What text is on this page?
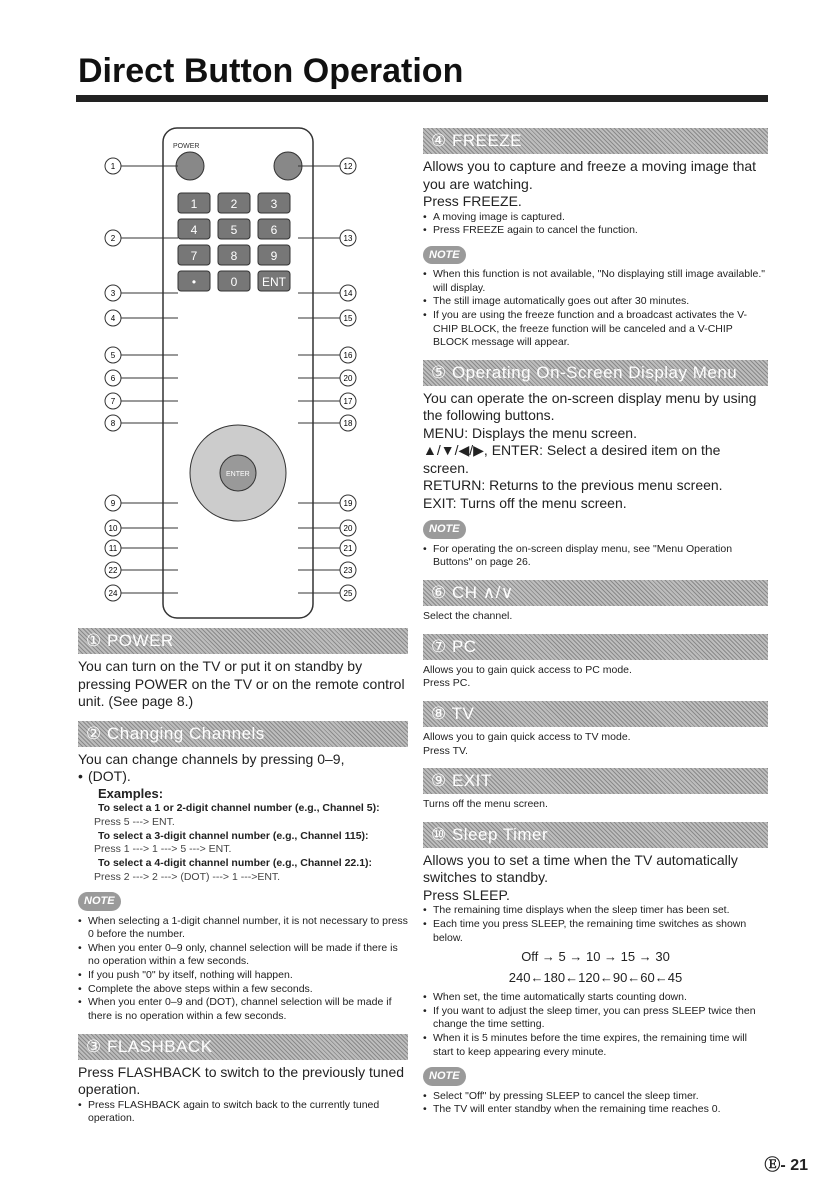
Direct Button Operation
POWER
1	2	3
4	5	6
7	8	9
•	0 ENT
ENTER
1
2
3
4
5
6
7
8
9
10
11
22
24
12
13
14
15
16
20
17
18
19
20
21
23
25
① POWER
You can turn on the TV or put it on standby by pressing POWER on the TV or on the remote control unit. (See page 8.)
② Changing Channels
You can change channels by pressing 0–9,
• (DOT).
Examples:
To select a 1 or 2-digit channel number (e.g., Channel 5):
Press 5 ---> ENT.
To select a 3-digit channel number (e.g., Channel 115):
Press 1 ---> 1 ---> 5 ---> ENT.
To select a 4-digit channel number (e.g., Channel 22.1):
Press 2 ---> 2 ---> (DOT) ---> 1 --->ENT.
NOTE
• When selecting a 1-digit channel number, it is not necessary to press 0 before the number.
• When you enter 0–9 only, channel selection will be made if there is no operation within a few seconds.
• If you push "0" by itself, nothing will happen.
• Complete the above steps within a few seconds.
• When you enter 0–9 and (DOT), channel selection will be made if there is no operation within a few seconds.
③ FLASHBACK
Press FLASHBACK to switch to the previously tuned operation.
• Press FLASHBACK again to switch back to the currently tuned operation.
④ FREEZE
Allows you to capture and freeze a moving image that you are watching.
Press FREEZE.
• A moving image is captured.
• Press FREEZE again to cancel the function.
NOTE
• When this function is not available, "No displaying still image available." will display.
• The still image automatically goes out after 30 minutes.
• If you are using the freeze function and a broadcast activates the V-CHIP BLOCK, the freeze function will be canceled and a V-CHIP BLOCK message will appear.
⑤ Operating On-Screen Display Menu
You can operate the on-screen display menu by using the following buttons.
MENU: Displays the menu screen.
▲/▼/◀/▶, ENTER: Select a desired item on the screen.
RETURN: Returns to the previous menu screen.
EXIT: Turns off the menu screen.
NOTE
• For operating the on-screen display menu, see "Menu Operation Buttons" on page 26.
⑥ CH ∧/∨
Select the channel.
⑦ PC
Allows you to gain quick access to PC mode.
Press PC.
⑧ TV
Allows you to gain quick access to TV mode.
Press TV.
⑨ EXIT
Turns off the menu screen.
⑩ Sleep Timer
Allows you to set a time when the TV automatically switches to standby.
Press SLEEP.
• The remaining time displays when the sleep timer has been set.
• Each time you press SLEEP, the remaining time switches as shown below.
Off → 5 → 10 → 15 → 30
240←180←120←90←60←45
• When set, the time automatically starts counting down.
• If you want to adjust the sleep timer, you can press SLEEP twice then change the time setting.
• When it is 5 minutes before the time expires, the remaining time will start to keep appearing every minute.
NOTE
• Select "Off" by pressing SLEEP to cancel the sleep timer.
• The TV will enter standby when the remaining time reaches 0.
Ⓔ- 21
